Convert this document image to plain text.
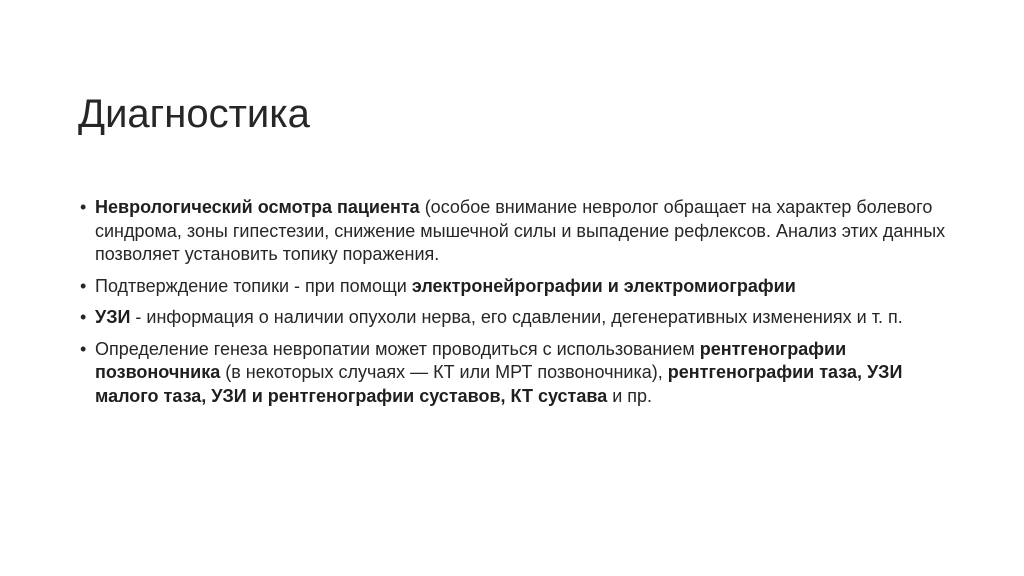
Диагностика
• Неврологический осмотра пациента (особое внимание невролог обращает на характер болевого синдрома, зоны гипестезии, снижение мышечной силы и выпадение рефлексов. Анализ этих данных позволяет установить топику поражения.

• Подтверждение топики - при помощи электронейрографии и электромиографии

• УЗИ - информация о наличии опухоли нерва, его сдавлении, дегенеративных изменениях и т. п.

• Определение генеза невропатии может проводиться с использованием рентгенографии позвоночника (в некоторых случаях — КТ или МРТ позвоночника), рентгенографии таза, УЗИ малого таза, УЗИ и рентгенографии суставов, КТ сустава и пр.
